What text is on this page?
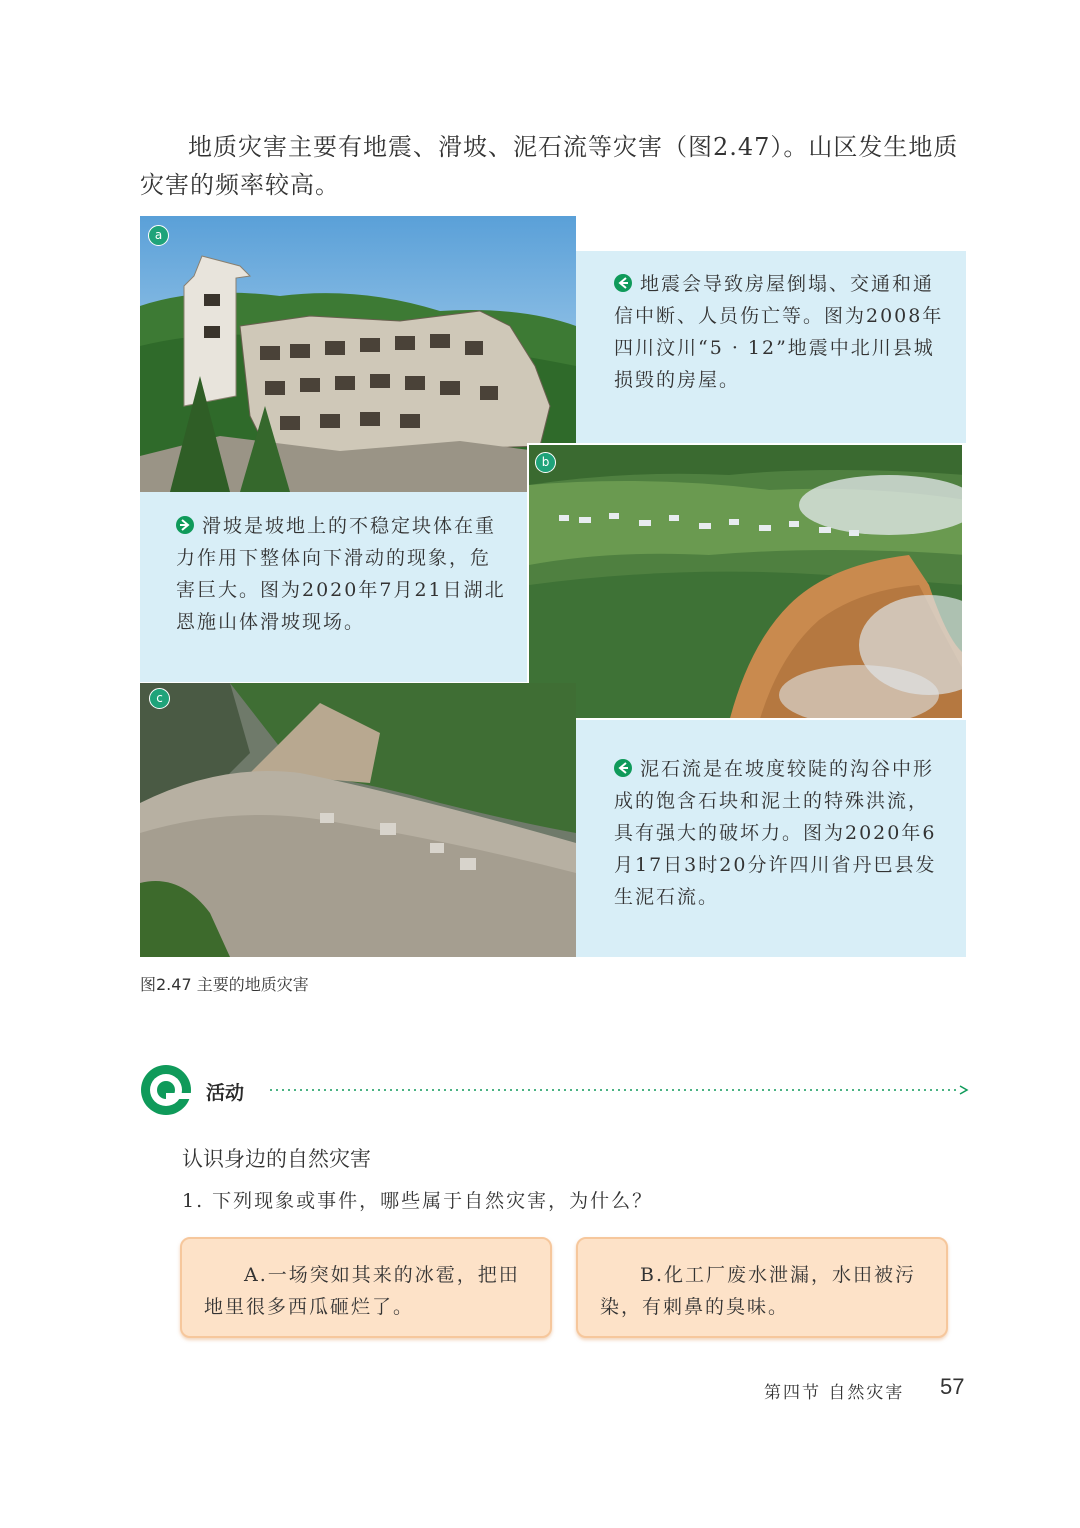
地质灾害主要有地震、滑坡、泥石流等灾害（图2.47）。山区发生地质灾害的频率较高。
a
b
c
地震会导致房屋倒塌、交通和通信中断、人员伤亡等。图为2008年四川汶川“5 · 12”地震中北川县城损毁的房屋。
滑坡是坡地上的不稳定块体在重力作用下整体向下滑动的现象，危害巨大。图为2020年7月21日湖北恩施山体滑坡现场。
泥石流是在坡度较陡的沟谷中形成的饱含石块和泥土的特殊洪流，具有强大的破坏力。图为2020年6月17日3时20分许四川省丹巴县发生泥石流。
图2.47 主要的地质灾害
活动
认识身边的自然灾害
1. 下列现象或事件，哪些属于自然灾害，为什么？
A.一场突如其来的冰雹，把田地里很多西瓜砸烂了。
B.化工厂废水泄漏，水田被污染，有刺鼻的臭味。
第四节 自然灾害 57
